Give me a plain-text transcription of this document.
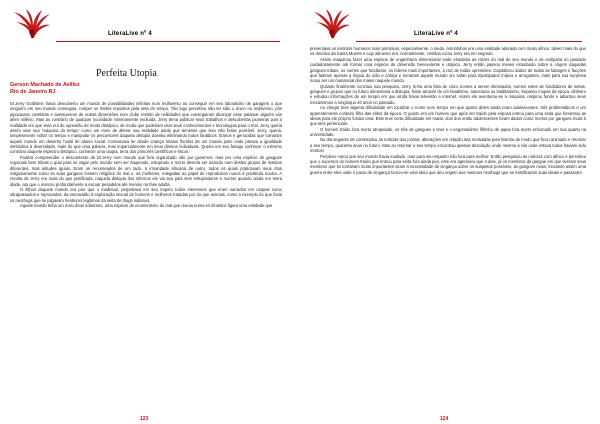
LiteraLive nº 4
Perfeita Utopia
Gerson Machado de Avillez
Rio de Janeiro RJ

Dr.Jerry Goldstein havia descoberto um mundo de possibilidades infinitas num multiverso ao conseguir em seu laboratório de garagem o que ninguém em seu mundo conseguia, romper os limites impostos pela seta do tempo. Tão logo percebeu não ter sido o único no multiverso, pôs pipocavam cientistas e aventureiros de outras dimensões num clube restrito de realidades que conseguiram alcançar esse patamar alguém vós além milênio. Mas ao contrário de qualquer sociedade minimamente evoluída, Jerry tema publicar seus trabalhos e descobertas pioneiras pois a realidade em que vivia era de opressão de modo distópico, de modo que poderiam usar seus conhecimentos e tecnologias para o mal. Jerry queria assim usar sua 'máquina do tempo' como um meio de alterar sua realidade ainda que temesse que isso não fosse possível. Jerry, queria, simplesmente voltar no tempo e manipular os precursores daquela distopia doentia eliminando todos fanáticos, tiranos e genocidas que tornaram aquele mundo um desertor hostil de abuso social. Costumava ler desde criança relatos floridos de um mundo justo onde parava a igualdade simbiótica à diversidade, mais do que uma palavra, mas imparcialmente em seus direitos individuais. Queria um seu âmago conhecer o extremo contrário daquele espectro distópico, conhecer uma utopia, terra dos primores científicos e éticos.

Pudera compreender o descontente de Dr.Jerry num mundo que fora organizado não por governos, mas por uma espécie de gangues regionais bem tribais o qual para se vagar pelo mundo sem ser saqueado, estuprado e morto deveria ser incluído num destes grupos de matizes diferentes, mas atitudes iguais. Eram os renomeados de um lado, a irmandade africana de outro, todos os quais praticavam seus ritos religiosamente como se suas gangues fossem religiões do mal e, as mulheres, relegadas ao papel de reprodutora nunca é prostituta noutra. A revolta de Jerry era mais do que justificada, naquela distopia dos infernos ele via seu país sem estupradores e mortos quando ainda em tenra idade, ato que o marcou profundamente a escoar pesadelos até menino na fase adulta.

O Éthos daquele mundo era pior que o medieval, perpetrava em seu ímpeto todos elementos que eram narrados em utopias como ultrapassados e reprovados, da escravidão à exploração sexual de homens e mulheres tratadas por do que animais, como a exemplo do que fazia os neothugs que se julgavam herdeiros legítimos da seita de thugs indianos.

Aquele mundo tinha um novo deus soberano, uma espécie de ecumenismo do mal que reunia numa só síntetica figura uma entidade que

123
LiteraLive nº 4

presentava os instintos humanos mais primitivos, especialmente, o medo. Asmófobos era uma entidade adorada com muito afinco, talvez mais do que os devotos da Santa Muerte e cujo alimento era, normalmente, cristãos como Jerry era em segredo.

Assim maquinou fazer uma espécie de engenharia dimensional onde estudaria as raízes do mal de seu mundo e as extirparia no passado cuidadosamente até formar uma espécie de dimensão benevolente e utópica. Jerry então passou meses estudando sobre a origem daquelas gangues tribais, os nomes que fundaram, os líderes mais importantes, a raiz de todas opressões. Capitalizou dados de todas as falanges e facções que faleram apenas a língua do ódio e cobiça e tornaram aquele mundo um safari para injustiçados ímpios e arrogantes, mais para sua surpresa notou ser um manancial dos males naquele mundo.

Quando finalmente concluiu sua pesquisa, Jerry, tinha uma lista de cinco nomes a serem eliminados, nomes estes de fundadores de seitas, gangues e grupos que no futuro alimentaria a distopia, fosse através de um fanatismo, autocracia ou totalitarismo. Separou roupas da época, dinheiro e estudou informações de um tempo em que ainda havia televisão e internet. Assim ele aventurou-se à máquina, respirou fundo e adiantou seus mecanismos a longínquo 40 anos no passado.

Ao chegar teve alguma dificuldade em localizar o nome num tempo em que quatro deles ainda eram adolescentes, três problemáticos e um aparentemente cordeiro filho das elites da época. O quinto era um homem que após ser traído pela esposa entrou para uma seita que fomentou as ideias para ele próprio fundar uma. Este teve certa dificuldade em matar, dois dos então adolescentes foram dados como mortos por gangues rivais à que eles pertenciam.

O homem traído fora morto atropelado, os três de gangues e tiros e o engomadinho filhinho de papai fora morto enforcado em sua quarto na universidade.

No dia seguinte de contemplou as notícias dos jornais, alterações em relação das motivadas pela história de modo que ficou animado e retornar a seu tempo, quarenta anos no futuro. Mas ao retornar a seu tempo encontrou apenas desolação onde mesmo a vila onde estava todos haviam sido mortos!

Perplexo notou que seu mundo havia mudado, mas para seu espanto não fora para melhor. Então pesquisou as notícias com afinco e percebeu que o sucessor do homem traído que entrou para seita fora ainda pior, este era agressivo que a dele, já os membros da gangue em que tiveram seus membros que se tornariam muito importantes viram a necessidade de vingança sobre os suspeitos possíveis, as gangues rivais; iniciando assim uma guerra entre eles onde o pacto de vingança tornou-se uma ideia que deu origem aos mesmos neothugs que se mistificaram suas ideais e passaram

124
